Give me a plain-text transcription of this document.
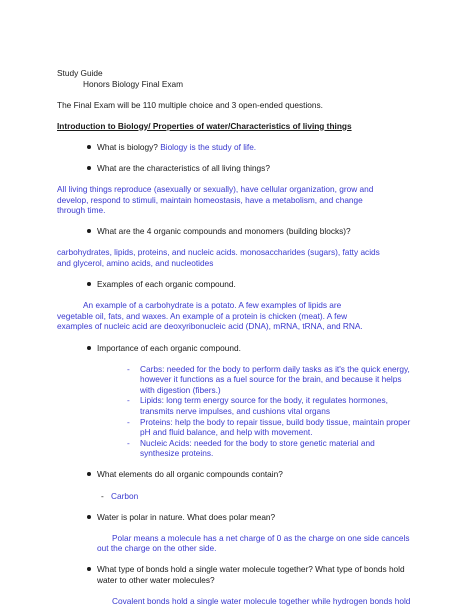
Study Guide
Honors Biology Final Exam
The Final Exam will be 110 multiple choice and 3 open-ended questions.
Introduction to Biology/ Properties of water/Characteristics of living things
What is biology? Biology is the study of life.
What are the characteristics of all living things?
All living things reproduce (asexually or sexually), have cellular organization, grow and
develop, respond to stimuli, maintain homeostasis, have a metabolism, and change
through time.
What are the 4 organic compounds and monomers (building blocks)?
carbohydrates, lipids, proteins, and nucleic acids. monosaccharides (sugars), fatty acids
and glycerol, amino acids, and nucleotides
Examples of each organic compound.
An example of a carbohydrate is a potato. A few examples of lipids are
vegetable oil, fats, and waxes. An example of a protein is chicken (meat). A few
examples of nucleic acid are deoxyribonucleic acid (DNA), mRNA, tRNA, and RNA.
Importance of each organic compound.
- Carbs: needed for the body to perform daily tasks as it's the quick energy,
however it functions as a fuel source for the brain, and because it helps
with digestion (fibers.)
- Lipids: long term energy source for the body, it regulates hormones,
transmits nerve impulses, and cushions vital organs
- Proteins: help the body to repair tissue, build body tissue, maintain proper
pH and fluid balance, and help with movement.
- Nucleic Acids: needed for the body to store genetic material and
synthesize proteins.
What elements do all organic compounds contain?
- Carbon
Water is polar in nature. What does polar mean?
Polar means a molecule has a net charge of 0 as the charge on one side cancels
out the charge on the other side.
What type of bonds hold a single water molecule together? What type of bonds hold
water to other water molecules?
Covalent bonds hold a single water molecule together while hydrogen bonds hold
